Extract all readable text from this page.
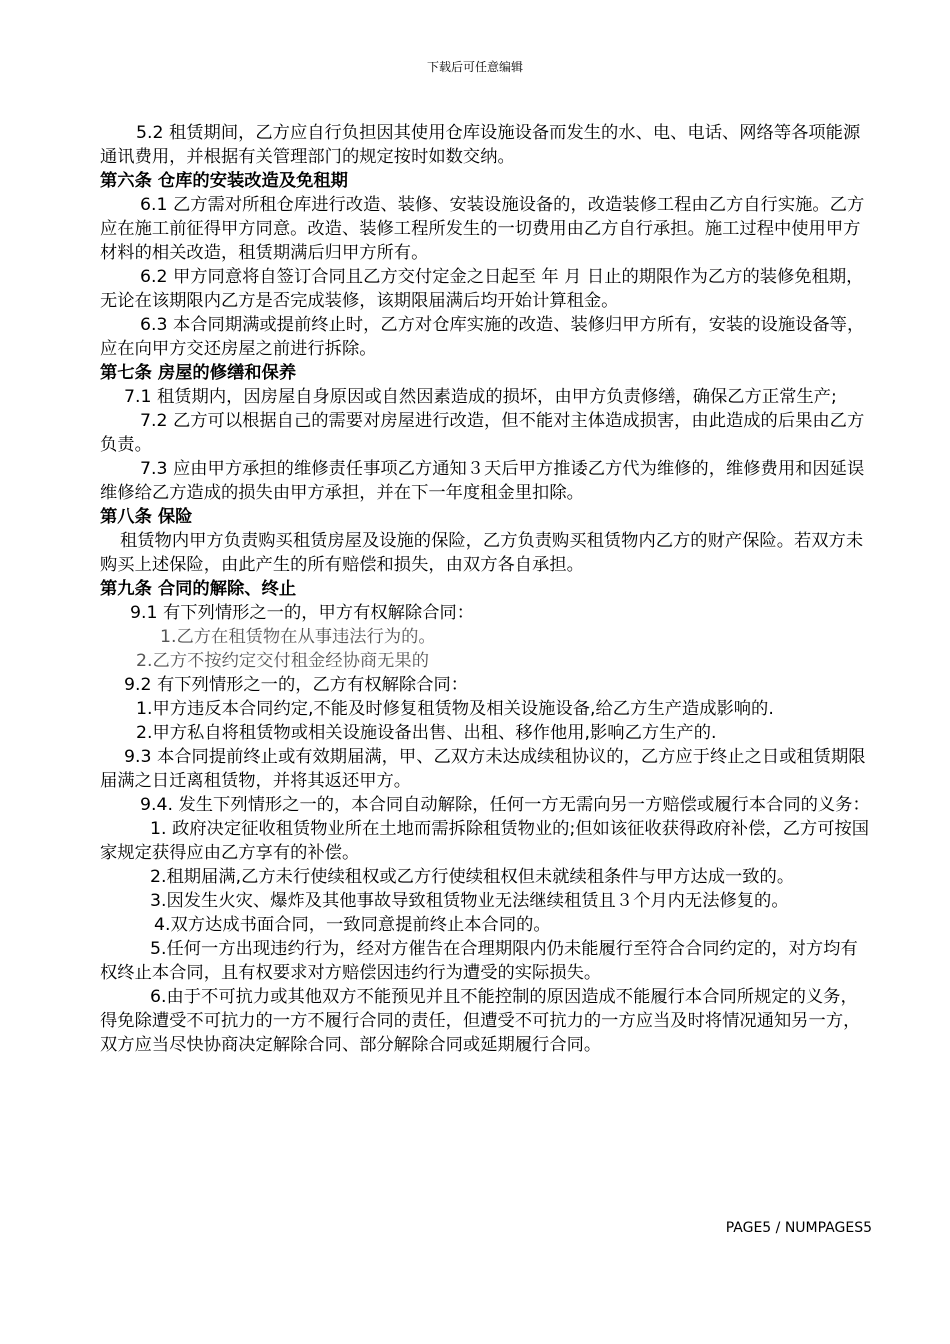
下载后可任意编辑

5.2 租赁期间，乙方应自行负担因其使用仓库设施设备而发生的水、电、电话、网络等各项能源通讯费用，并根据有关管理部门的规定按时如数交纳。

第六条 仓库的安装改造及免租期

6.1 乙方需对所租仓库进行改造、装修、安装设施设备的，改造装修工程由乙方自行实施。乙方应在施工前征得甲方同意。改造、装修工程所发生的一切费用由乙方自行承担。施工过程中使用甲方材料的相关改造，租赁期满后归甲方所有。

6.2 甲方同意将自签订合同且乙方交付定金之日起至 年 月 日止的期限作为乙方的装修免租期，无论在该期限内乙方是否完成装修，该期限届满后均开始计算租金。

6.3 本合同期满或提前终止时，乙方对仓库实施的改造、装修归甲方所有，安装的设施设备等，应在向甲方交还房屋之前进行拆除。

第七条 房屋的修缮和保养

7.1 租赁期内，因房屋自身原因或自然因素造成的损坏，由甲方负责修缮，确保乙方正常生产;

7.2 乙方可以根据自己的需要对房屋进行改造，但不能对主体造成损害，由此造成的后果由乙方负责。

7.3 应由甲方承担的维修责任事项乙方通知３天后甲方推诿乙方代为维修的，维修费用和因延误维修给乙方造成的损失由甲方承担，并在下一年度租金里扣除。

第八条 保险

租赁物内甲方负责购买租赁房屋及设施的保险，乙方负责购买租赁物内乙方的财产保险。若双方未购买上述保险，由此产生的所有赔偿和损失，由双方各自承担。

第九条 合同的解除、终止

9.1 有下列情形之一的，甲方有权解除合同：

1.乙方在租赁物在从事违法行为的。

2.乙方不按约定交付租金经协商无果的

9.2 有下列情形之一的，乙方有权解除合同：

1.甲方违反本合同约定,不能及时修复租赁物及相关设施设备,给乙方生产造成影响的.

2.甲方私自将租赁物或相关设施设备出售、出租、移作他用,影响乙方生产的.

9.3 本合同提前终止或有效期届满，甲、乙双方未达成续租协议的，乙方应于终止之日或租赁期限届满之日迁离租赁物，并将其返还甲方。

9.4. 发生下列情形之一的，本合同自动解除，任何一方无需向另一方赔偿或履行本合同的义务：

1. 政府决定征收租赁物业所在土地而需拆除租赁物业的;但如该征收获得政府补偿，乙方可按国家规定获得应由乙方享有的补偿。

2.租期届满,乙方未行使续租权或乙方行使续租权但未就续租条件与甲方达成一致的。

3.因发生火灾、爆炸及其他事故导致租赁物业无法继续租赁且３个月内无法修复的。

4.双方达成书面合同，一致同意提前终止本合同的。

5.任何一方出现违约行为，经对方催告在合理期限内仍未能履行至符合合同约定的，对方均有权终止本合同，且有权要求对方赔偿因违约行为遭受的实际损失。

6.由于不可抗力或其他双方不能预见并且不能控制的原因造成不能履行本合同所规定的义务，得免除遭受不可抗力的一方不履行合同的责任，但遭受不可抗力的一方应当及时将情况通知另一方，双方应当尽快协商决定解除合同、部分解除合同或延期履行合同。

PAGE5 / NUMPAGES5
